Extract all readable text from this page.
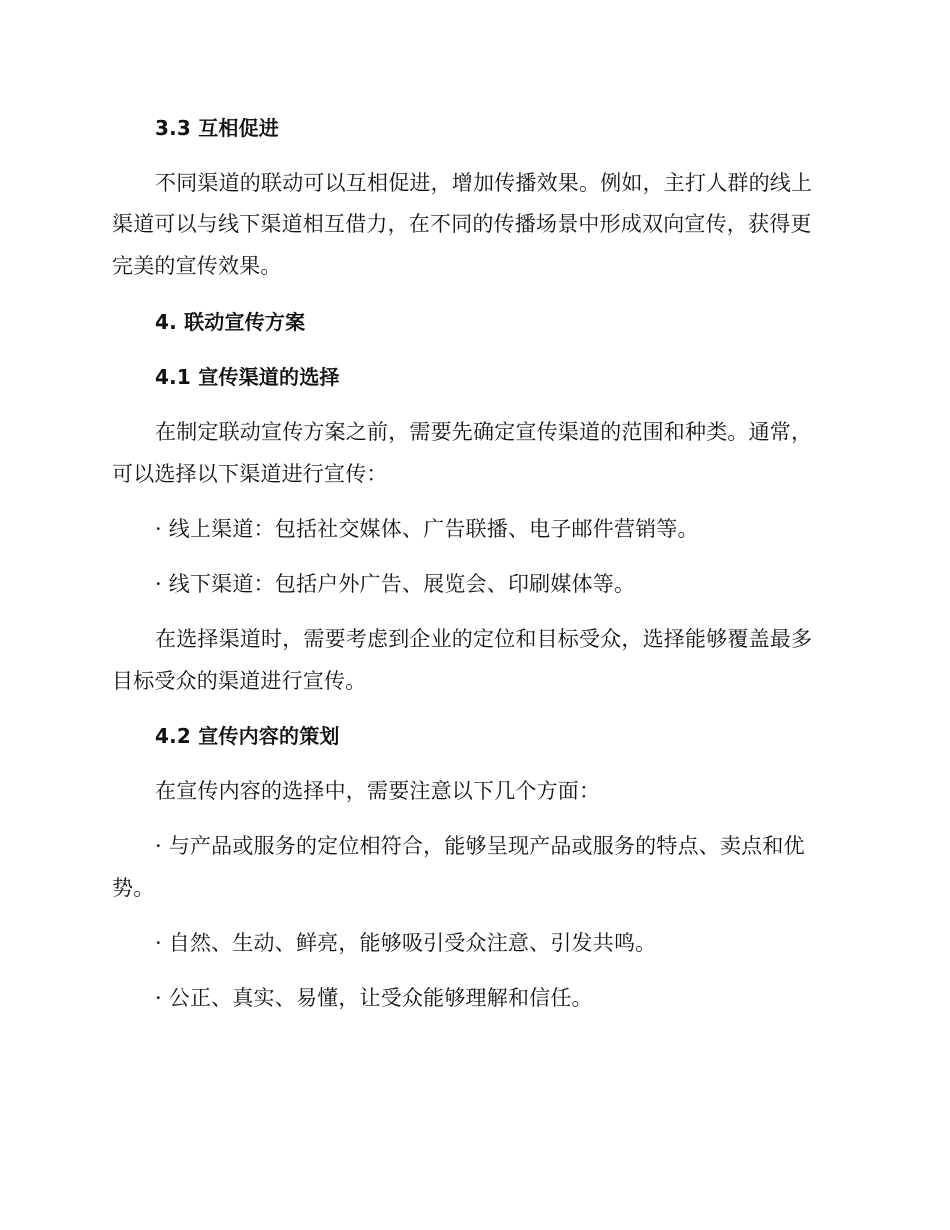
3.3 互相促进
不同渠道的联动可以互相促进，增加传播效果。例如，主打人群的线上
渠道可以与线下渠道相互借力，在不同的传播场景中形成双向宣传，获得更
完美的宣传效果。
4. 联动宣传方案
4.1 宣传渠道的选择
在制定联动宣传方案之前，需要先确定宣传渠道的范围和种类。通常，
可以选择以下渠道进行宣传：
· 线上渠道：包括社交媒体、广告联播、电子邮件营销等。
· 线下渠道：包括户外广告、展览会、印刷媒体等。
在选择渠道时，需要考虑到企业的定位和目标受众，选择能够覆盖最多
目标受众的渠道进行宣传。
4.2 宣传内容的策划
在宣传内容的选择中，需要注意以下几个方面：
· 与产品或服务的定位相符合，能够呈现产品或服务的特点、卖点和优
势。
· 自然、生动、鲜亮，能够吸引受众注意、引发共鸣。
· 公正、真实、易懂，让受众能够理解和信任。
